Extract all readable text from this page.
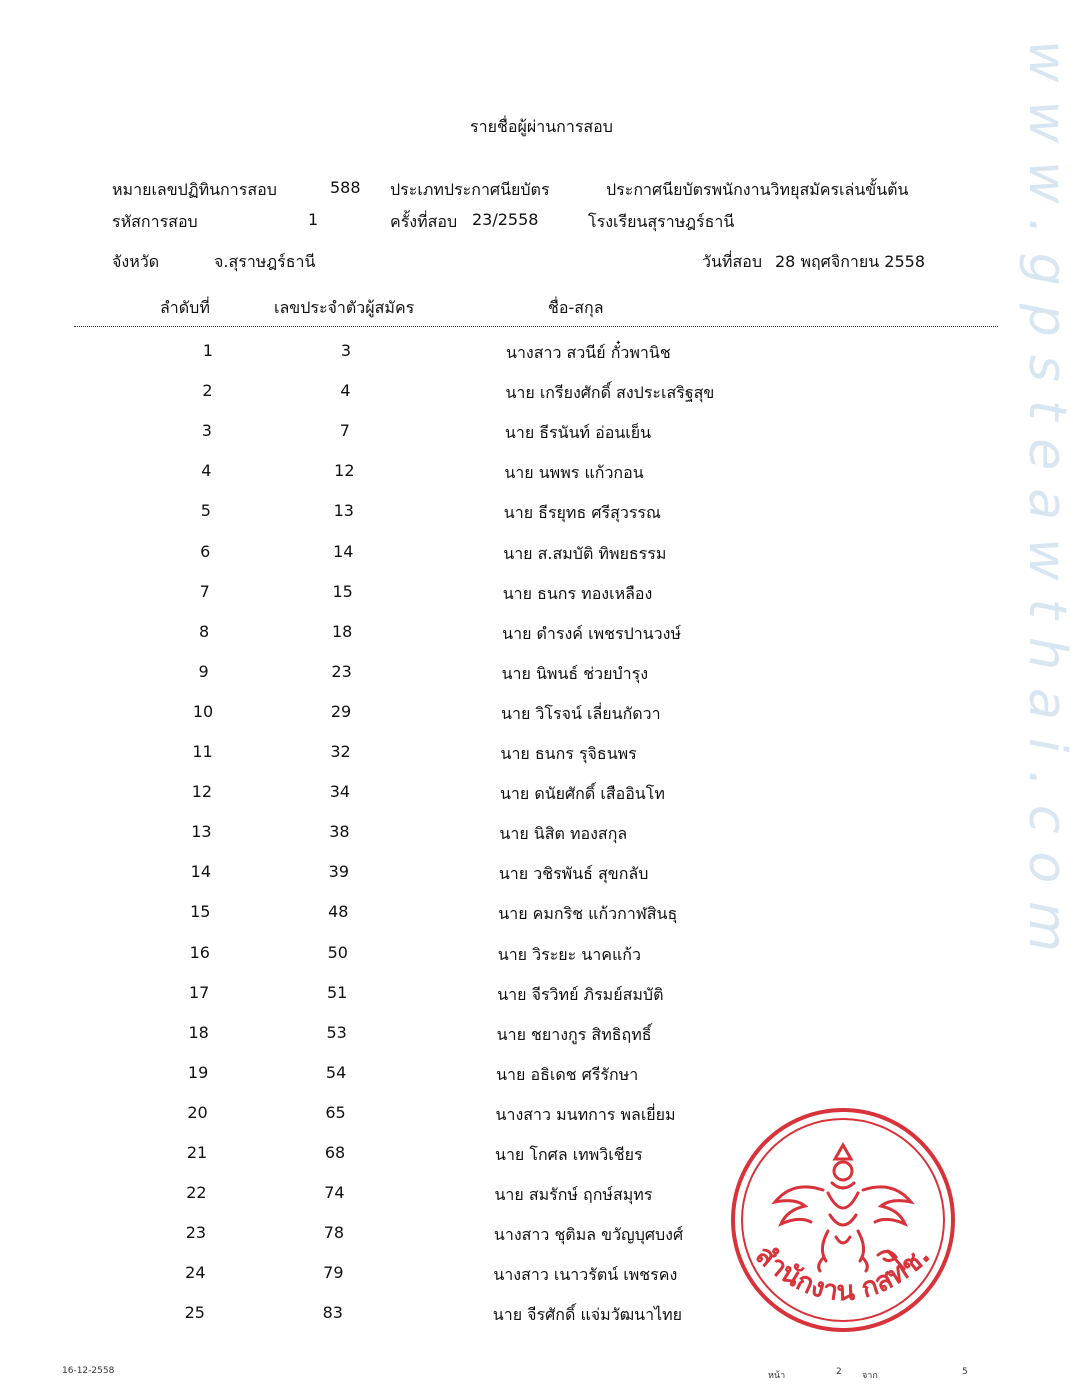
www.gpsteawthai.com
รายชื่อผู้ผ่านการสอบ
หมายเลขปฏิทินการสอบ	588 ประเภทประกาศนียบัตร	ประกาศนียบัตรพนักงานวิทยุสมัครเล่นขั้นต้น
รหัสการสอบ	1	ครั้งที่สอบ 23/2558	โรงเรียนสุราษฎร์ธานี
จังหวัด	จ.สุราษฎร์ธานี	วันที่สอบ 28 พฤศจิกายน 2558
ลำดับที่	เลขประจำตัวผู้สมัคร	ชื่อ-สกุล
1	3	นางสาว สวนีย์ กั๋วพานิช
2	4	นาย เกรียงศักดิ์ สงประเสริฐสุข
3	7	นาย ธีรนันท์ อ่อนเย็น
4	12	นาย นพพร แก้วกอน
5	13	นาย ธีรยุทธ ศรีสุวรรณ
6	14	นาย ส.สมบัติ ทิพยธรรม
7	15	นาย ธนกร ทองเหลือง
8	18	นาย ดำรงค์ เพชรปานวงษ์
9	23	นาย นิพนธ์ ช่วยบำรุง
10	29	นาย วิโรจน์ เลี่ยนกัดวา
11	32	นาย ธนกร รุจิธนพร
12	34	นาย ดนัยศักดิ์ เสืออินโท
13	38	นาย นิสิต ทองสกุล
14	39	นาย วชิรพันธ์ สุขกลับ
15	48	นาย คมกริช แก้วกาฬสินธุ
16	50	นาย วิระยะ นาคแก้ว
17	51	นาย จีรวิทย์ ภิรมย์สมบัติ
18	53	นาย ชยางกูร สิทธิฤทธิ์
19	54	นาย อธิเดช ศรีรักษา
20	65	นางสาว มนทการ พลเยี่ยม
21	68	นาย โกศล เทพวิเชียร
22	74	นาย สมรักษ์ ฤกษ์สมุทร
23	78	นางสาว ชุติมล ขวัญบุศบงศ์
24	79	นางสาว เนาวรัตน์ เพชรคง
25	83	นาย จีรศักดิ์ แจ่มวัฒนาไทย
สำนักงาน กสทช.
16-12-2558	หน้า	2 จาก	5
